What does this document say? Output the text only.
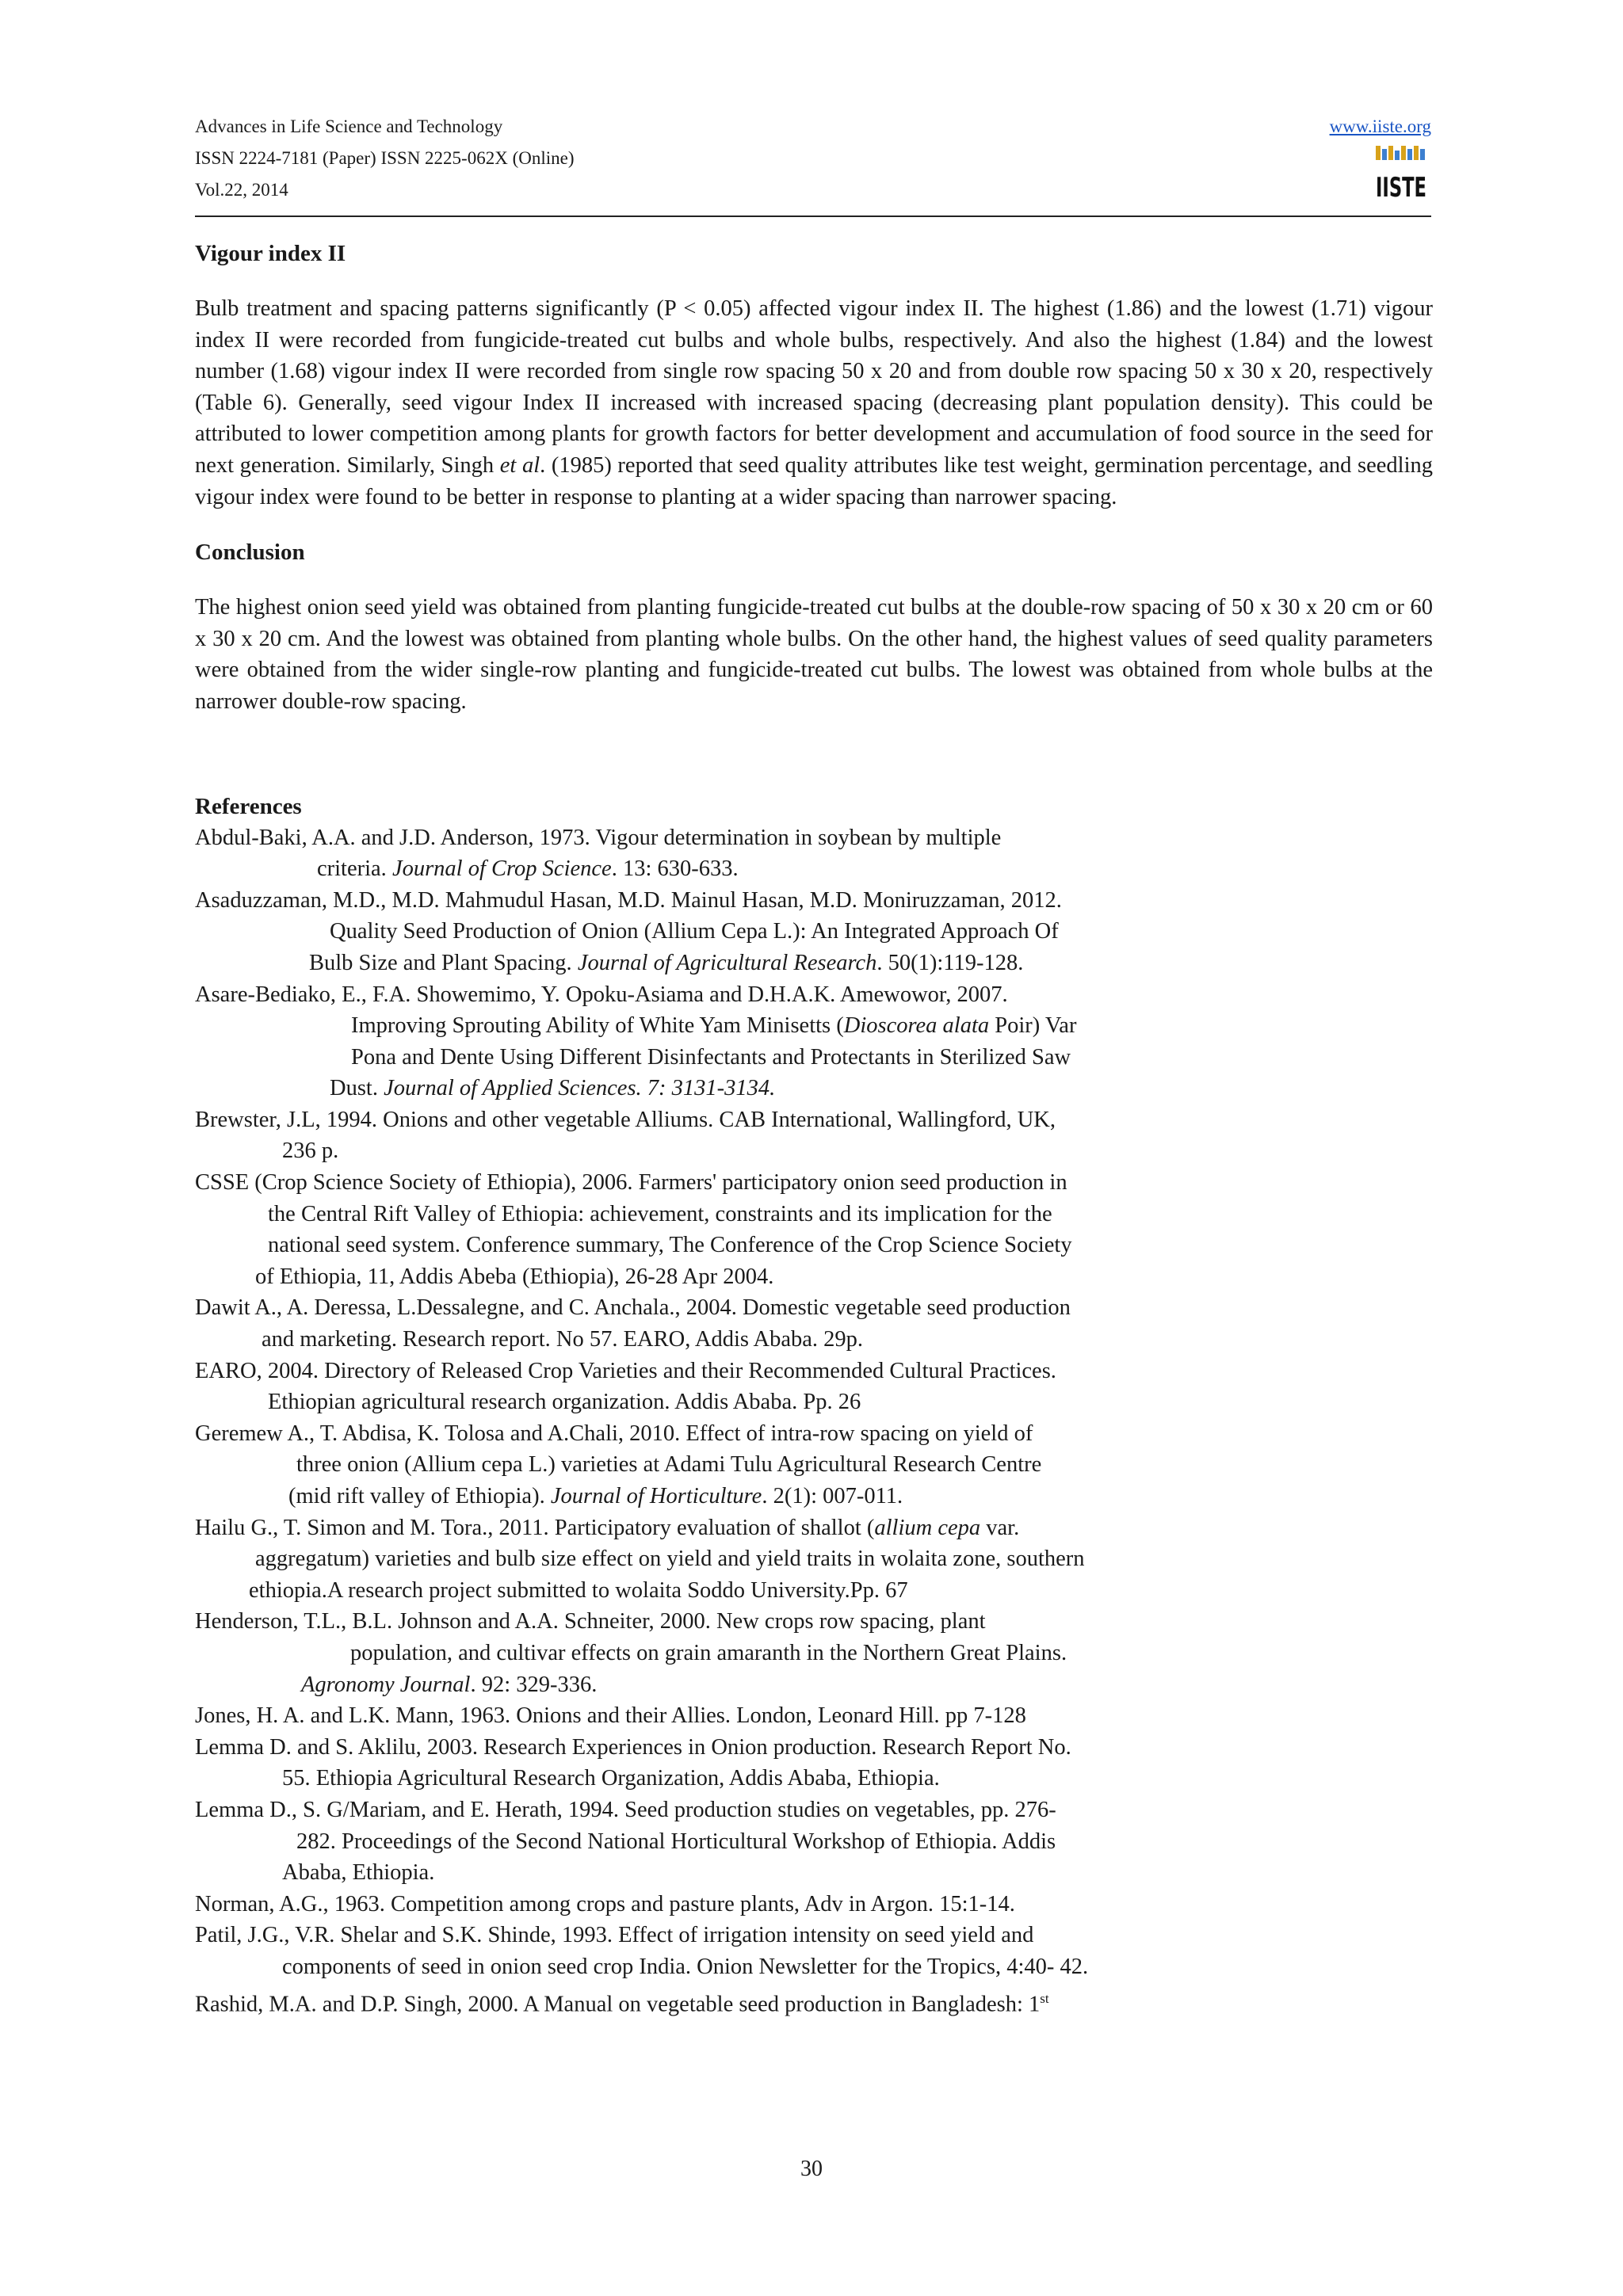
Advances in Life Science and Technology
ISSN 2224-7181 (Paper) ISSN 2225-062X (Online)
Vol.22, 2014
www.iiste.org
IISTE
Vigour index II

Bulb treatment and spacing patterns significantly (P < 0.05) affected vigour index II. The highest (1.86) and the lowest (1.71) vigour index II were recorded from fungicide-treated cut bulbs and whole bulbs, respectively. And also the highest (1.84) and the lowest number (1.68) vigour index II were recorded from single row spacing 50 x 20 and from double row spacing 50 x 30 x 20, respectively (Table 6). Generally, seed vigour Index II increased with increased spacing (decreasing plant population density). This could be attributed to lower competition among plants for growth factors for better development and accumulation of food source in the seed for next generation. Similarly, Singh et al. (1985) reported that seed quality attributes like test weight, germination percentage, and seedling vigour index were found to be better in response to planting at a wider spacing than narrower spacing.

Conclusion

The highest onion seed yield was obtained from planting fungicide-treated cut bulbs at the double-row spacing of 50 x 30 x 20 cm or 60 x 30 x 20 cm. And the lowest was obtained from planting whole bulbs. On the other hand, the highest values of seed quality parameters were obtained from the wider single-row planting and fungicide-treated cut bulbs. The lowest was obtained from whole bulbs at the narrower double-row spacing.

References
Abdul-Baki, A.A. and J.D. Anderson, 1973. Vigour determination in soybean by multiple
criteria. Journal of Crop Science. 13: 630-633.
Asaduzzaman, M.D., M.D. Mahmudul Hasan, M.D. Mainul Hasan, M.D. Moniruzzaman, 2012.
Quality Seed Production of Onion (Allium Cepa L.): An Integrated Approach Of
Bulb Size and Plant Spacing. Journal of Agricultural Research. 50(1):119-128.
Asare-Bediako, E., F.A. Showemimo, Y. Opoku-Asiama and D.H.A.K. Amewowor, 2007.
Improving Sprouting Ability of White Yam Minisetts (Dioscorea alata Poir) Var
Pona and Dente Using Different Disinfectants and Protectants in Sterilized Saw
Dust. Journal of Applied Sciences. 7: 3131-3134.
Brewster, J.L, 1994. Onions and other vegetable Alliums. CAB International, Wallingford, UK,
236 p.
CSSE (Crop Science Society of Ethiopia), 2006. Farmers' participatory onion seed production in
the Central Rift Valley of Ethiopia: achievement, constraints and its implication for the
national seed system. Conference summary, The Conference of the Crop Science Society
of Ethiopia, 11, Addis Abeba (Ethiopia), 26-28 Apr 2004.
Dawit A., A. Deressa, L.Dessalegne, and C. Anchala., 2004. Domestic vegetable seed production
and marketing. Research report. No 57. EARO, Addis Ababa. 29p.
EARO, 2004. Directory of Released Crop Varieties and their Recommended Cultural Practices.
Ethiopian agricultural research organization. Addis Ababa. Pp. 26
Geremew A., T. Abdisa, K. Tolosa and A.Chali, 2010. Effect of intra-row spacing on yield of
three onion (Allium cepa L.) varieties at Adami Tulu Agricultural Research Centre
(mid rift valley of Ethiopia). Journal of Horticulture. 2(1): 007-011.
Hailu G., T. Simon and M. Tora., 2011. Participatory evaluation of shallot (allium cepa var.
aggregatum) varieties and bulb size effect on yield and yield traits in wolaita zone, southern
ethiopia.A research project submitted to wolaita Soddo University.Pp. 67
Henderson, T.L., B.L. Johnson and A.A. Schneiter, 2000. New crops row spacing, plant
population, and cultivar effects on grain amaranth in the Northern Great Plains.
Agronomy Journal. 92: 329-336.
Jones, H. A. and L.K. Mann, 1963. Onions and their Allies. London, Leonard Hill. pp 7-128
Lemma D. and S. Aklilu, 2003. Research Experiences in Onion production. Research Report No.
55. Ethiopia Agricultural Research Organization, Addis Ababa, Ethiopia.
Lemma D., S. G/Mariam, and E. Herath, 1994. Seed production studies on vegetables, pp. 276-
282. Proceedings of the Second National Horticultural Workshop of Ethiopia. Addis
Ababa, Ethiopia.
Norman, A.G., 1963. Competition among crops and pasture plants, Adv in Argon. 15:1-14.
Patil, J.G., V.R. Shelar and S.K. Shinde, 1993. Effect of irrigation intensity on seed yield and
components of seed in onion seed crop India. Onion Newsletter for the Tropics, 4:40- 42.
Rashid, M.A. and D.P. Singh, 2000. A Manual on vegetable seed production in Bangladesh: 1st
30
